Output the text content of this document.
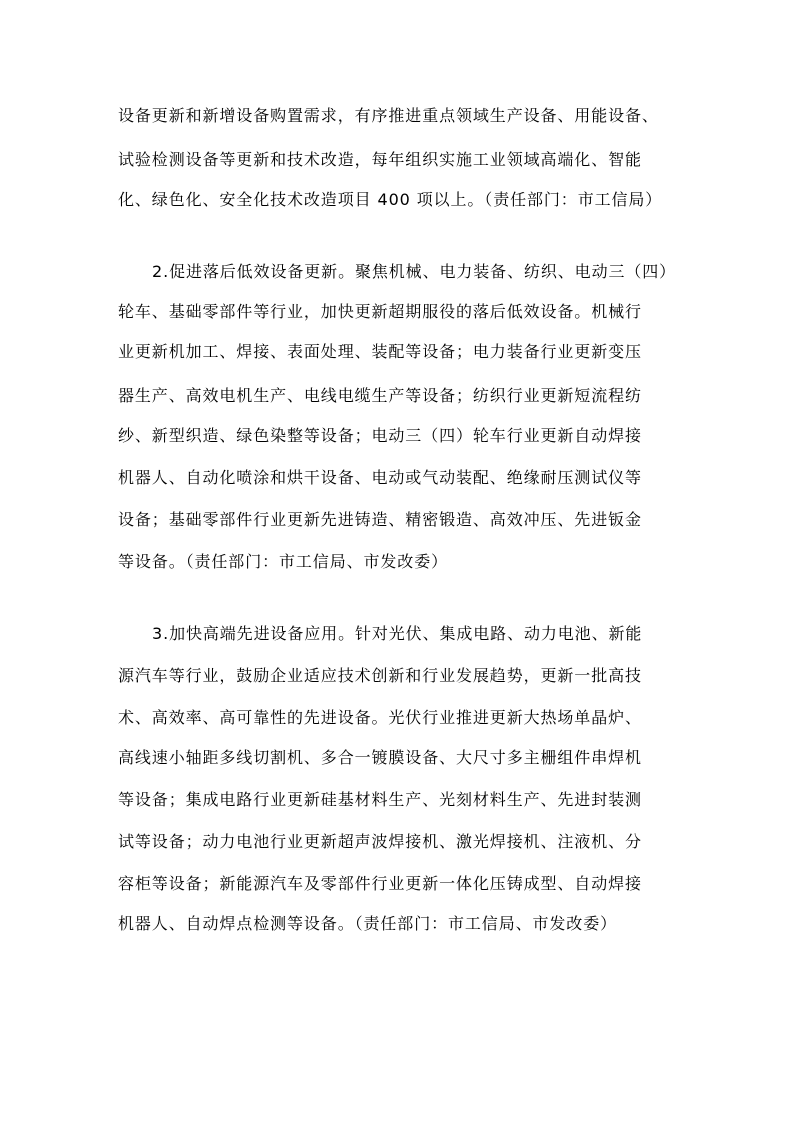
设备更新和新增设备购置需求，有序推进重点领域生产设备、用能设备、
试验检测设备等更新和技术改造，每年组织实施工业领域高端化、智能
化、绿色化、安全化技术改造项目 400 项以上。（责任部门：市工信局）
2.促进落后低效设备更新。聚焦机械、电力装备、纺织、电动三（四）
轮车、基础零部件等行业，加快更新超期服役的落后低效设备。机械行
业更新机加工、焊接、表面处理、装配等设备；电力装备行业更新变压
器生产、高效电机生产、电线电缆生产等设备；纺织行业更新短流程纺
纱、新型织造、绿色染整等设备；电动三（四）轮车行业更新自动焊接
机器人、自动化喷涂和烘干设备、电动或气动装配、绝缘耐压测试仪等
设备；基础零部件行业更新先进铸造、精密锻造、高效冲压、先进钣金
等设备。（责任部门：市工信局、市发改委）
3.加快高端先进设备应用。针对光伏、集成电路、动力电池、新能
源汽车等行业，鼓励企业适应技术创新和行业发展趋势，更新一批高技
术、高效率、高可靠性的先进设备。光伏行业推进更新大热场单晶炉、
高线速小轴距多线切割机、多合一镀膜设备、大尺寸多主栅组件串焊机
等设备；集成电路行业更新硅基材料生产、光刻材料生产、先进封装测
试等设备；动力电池行业更新超声波焊接机、激光焊接机、注液机、分
容柜等设备；新能源汽车及零部件行业更新一体化压铸成型、自动焊接
机器人、自动焊点检测等设备。（责任部门：市工信局、市发改委）
